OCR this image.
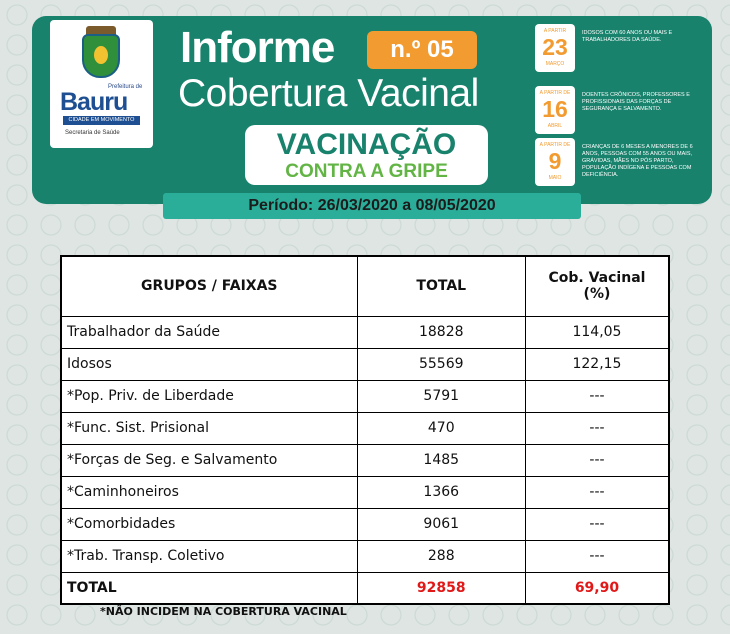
Prefeitura de
Bauru
CIDADE EM MOVIMENTO
Secretaria de Saúde
Informe	n.º 05
Cobertura Vacinal
VACINAÇÃO
CONTRA A GRIPE
A PARTIR
23
MARÇO
IDOSOS COM 60 ANOS OU MAIS E TRABALHADORES DA SAÚDE.
A PARTIR DE
16
ABRIL
DOENTES CRÔNICOS, PROFESSORES E PROFISSIONAIS DAS FORÇAS DE SEGURANÇA E SALVAMENTO.
A PARTIR DE
9
MAIO
CRIANÇAS DE 6 MESES A MENORES DE 6 ANOS, PESSOAS COM 55 ANOS OU MAIS, GRÁVIDAS, MÃES NO PÓS PARTO, POPULAÇÃO INDÍGENA E PESSOAS COM DEFICIÊNCIA.
Período: 26/03/2020 a 08/05/2020
GRUPOS / FAIXAS	TOTAL	Cob. Vacinal
(%)
Trabalhador da Saúde	18828	114,05
Idosos	55569	122,15
*Pop. Priv. de Liberdade	5791	---
*Func. Sist. Prisional	470	---
*Forças de Seg. e Salvamento	1485	---
*Caminhoneiros	1366	---
*Comorbidades	9061	---
*Trab. Transp. Coletivo	288	---
TOTAL	92858	69,90
*NÃO INCIDEM NA COBERTURA VACINAL
